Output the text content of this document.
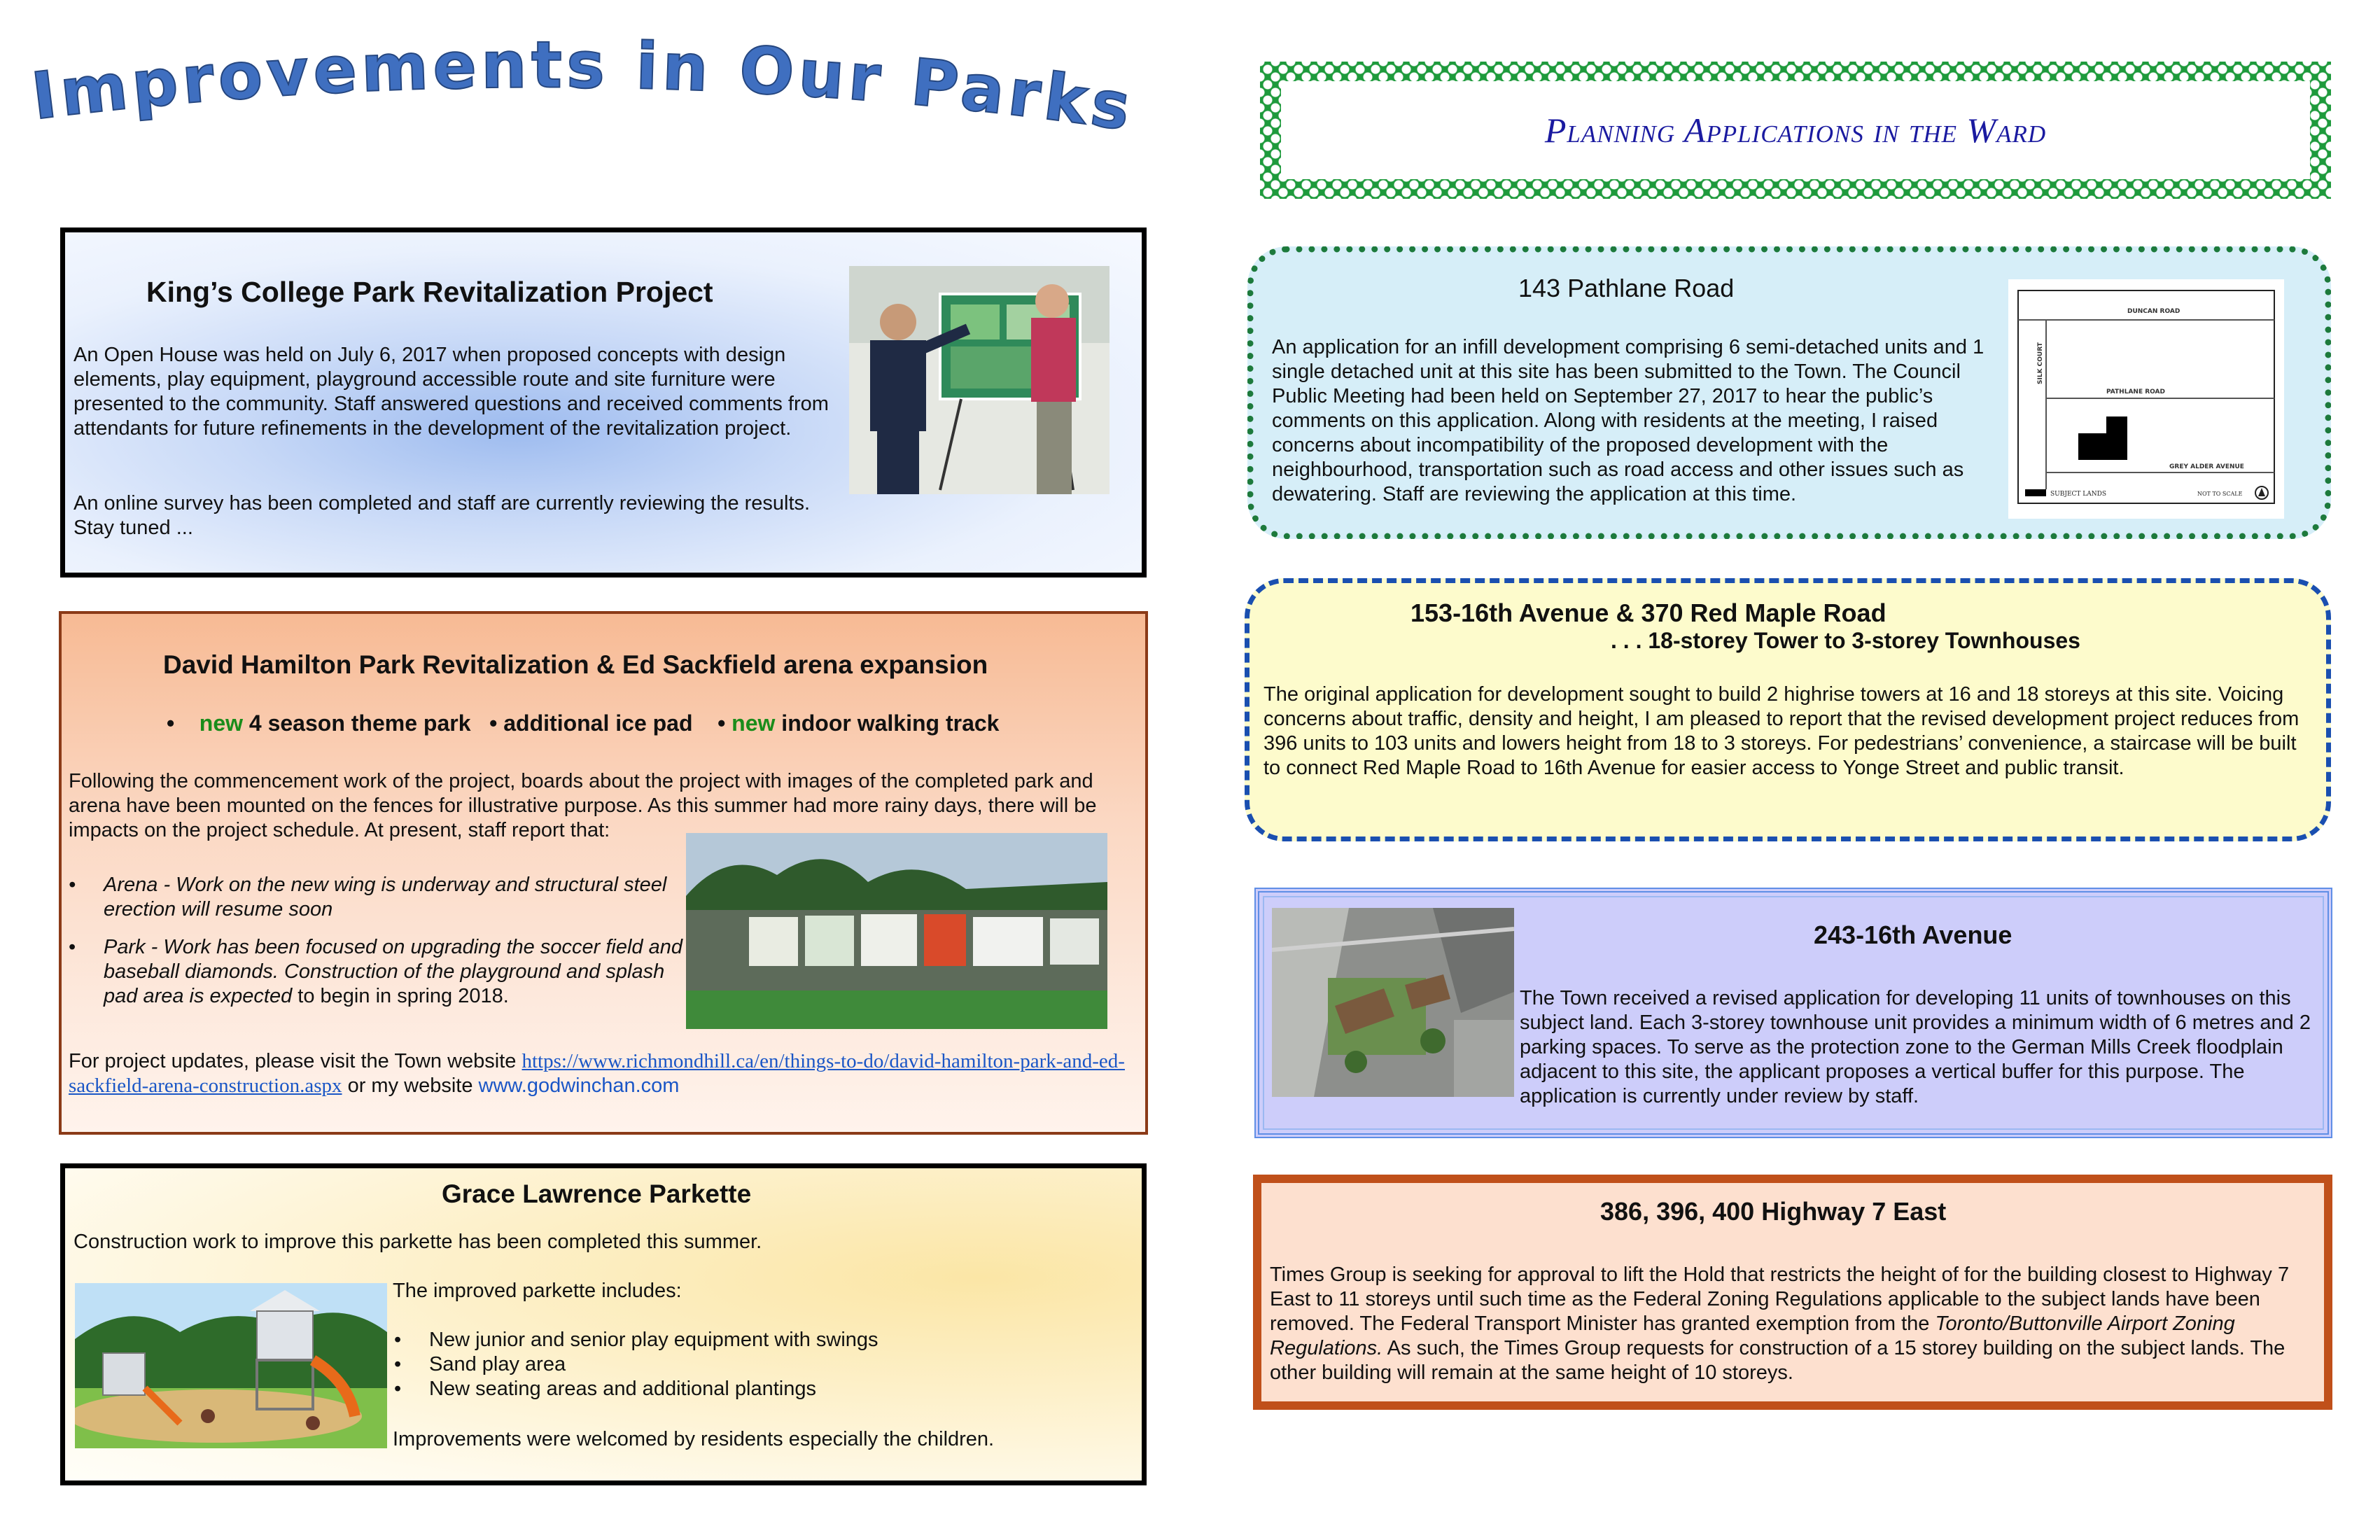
Improvements in Our Parks
King’s College Park Revitalization Project
An Open House was held on July 6, 2017 when proposed concepts with design elements, play equipment, playground accessible route and site furniture were presented to the community. Staff answered questions and received comments from attendants for future refinements in the development of the revitalization project.
An online survey has been completed and staff are currently reviewing the results. Stay tuned ...
David Hamilton Park Revitalization & Ed Sackfield arena expansion
• new 4 season theme park   • additional ice pad    • new indoor walking track
Following the commencement work of the project, boards about the project with images of the completed park and arena have been mounted on the fences for illustrative purpose. As this summer had more rainy days, there will be impacts on the project schedule. At present, staff report that:
• Arena - Work on the new wing is underway and structural steel erection will resume soon
• Park - Work has been focused on upgrading the soccer field and baseball diamonds. Construction of the playground and splash pad area is expected to begin in spring 2018.
For project updates, please visit the Town website https://www.richmondhill.ca/en/things-to-do/david-hamilton-park-and-ed-sackfield-arena-construction.aspx or my website www.godwinchan.com
Grace Lawrence Parkette
Construction work to improve this parkette has been completed this summer.
The improved parkette includes:
• New junior and senior play equipment with swings
• Sand play area
• New seating areas and additional plantings
Improvements were welcomed by residents especially the children.
Planning Applications in the Ward
143 Pathlane Road
An application for an infill development comprising 6 semi-detached units and 1 single detached unit at this site has been submitted to the Town. The Council Public Meeting had been held on September 27, 2017 to hear the public’s comments on this application. Along with residents at the meeting, I raised concerns about incompatibility of the proposed development with the neighbourhood, transportation such as road access and other issues such as dewatering. Staff are reviewing the application at this time.
DUNCAN ROAD
PATHLANE ROAD
GREY ALDER AVENUE
SILK COURT
SUBJECT LANDS	NOT TO SCALE
153-16th Avenue & 370 Red Maple Road
. . . 18-storey Tower to 3-storey Townhouses
The original application for development sought to build 2 highrise towers at 16 and 18 storeys at this site. Voicing concerns about traffic, density and height, I am pleased to report that the revised development project reduces from 396 units to 103 units and lowers height from 18 to 3 storeys. For pedestrians’ convenience, a staircase will be built to connect Red Maple Road to 16th Avenue for easier access to Yonge Street and public transit.
243-16th Avenue
The Town received a revised application for developing 11 units of townhouses on this subject land. Each 3-storey townhouse unit provides a minimum width of 6 metres and 2 parking spaces. To serve as the protection zone to the German Mills Creek floodplain adjacent to this site, the applicant proposes a vertical buffer for this purpose. The application is currently under review by staff.
386, 396, 400 Highway 7 East
Times Group is seeking for approval to lift the Hold that restricts the height of for the building closest to Highway 7 East to 11 storeys until such time as the Federal Zoning Regulations applicable to the subject lands have been removed. The Federal Transport Minister has granted exemption from the Toronto/Buttonville Airport Zoning Regulations. As such, the Times Group requests for construction of a 15 storey building on the subject lands. The other building will remain at the same height of 10 storeys.
